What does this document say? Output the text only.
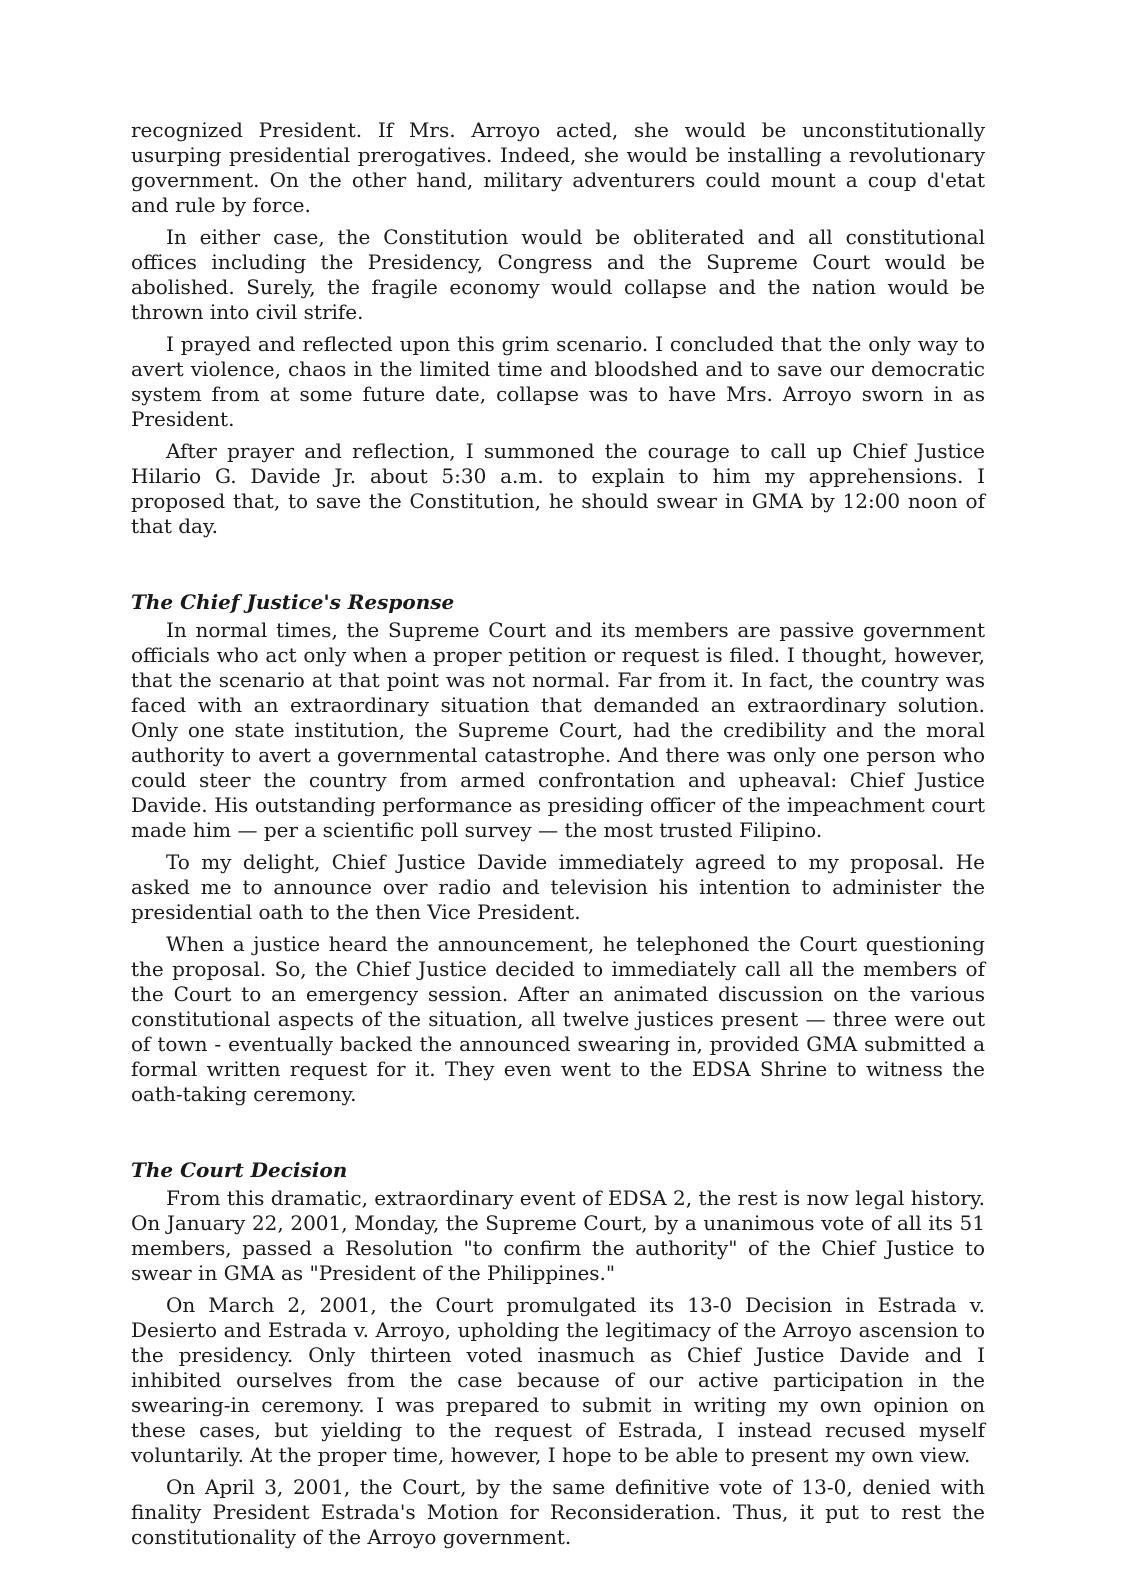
recognized President. If Mrs. Arroyo acted, she would be unconstitutionally usurping presidential prerogatives. Indeed, she would be installing a revolutionary government. On the other hand, military adventurers could mount a coup d'etat and rule by force.

In either case, the Constitution would be obliterated and all constitutional offices including the Presidency, Congress and the Supreme Court would be abolished. Surely, the fragile economy would collapse and the nation would be thrown into civil strife.

I prayed and reflected upon this grim scenario. I concluded that the only way to avert violence, chaos in the limited time and bloodshed and to save our democratic system from at some future date, collapse was to have Mrs. Arroyo sworn in as President.

After prayer and reflection, I summoned the courage to call up Chief Justice Hilario G. Davide Jr. about 5:30 a.m. to explain to him my apprehensions. I proposed that, to save the Constitution, he should swear in GMA by 12:00 noon of that day.

The Chief Justice's Response

In normal times, the Supreme Court and its members are passive government officials who act only when a proper petition or request is filed. I thought, however, that the scenario at that point was not normal. Far from it. In fact, the country was faced with an extraordinary situation that demanded an extraordinary solution. Only one state institution, the Supreme Court, had the credibility and the moral authority to avert a governmental catastrophe. And there was only one person who could steer the country from armed confrontation and upheaval: Chief Justice Davide. His outstanding performance as presiding officer of the impeachment court made him — per a scientific poll survey — the most trusted Filipino.

To my delight, Chief Justice Davide immediately agreed to my proposal. He asked me to announce over radio and television his intention to administer the presidential oath to the then Vice President.

When a justice heard the announcement, he telephoned the Court questioning the proposal. So, the Chief Justice decided to immediately call all the members of the Court to an emergency session. After an animated discussion on the various constitutional aspects of the situation, all twelve justices present — three were out of town - eventually backed the announced swearing in, provided GMA submitted a formal written request for it. They even went to the EDSA Shrine to witness the oath-taking ceremony.

The Court Decision

From this dramatic, extraordinary event of EDSA 2, the rest is now legal history. On January 22, 2001, Monday, the Supreme Court, by a unanimous vote of all its 51 members, passed a Resolution "to confirm the authority" of the Chief Justice to swear in GMA as "President of the Philippines."

On March 2, 2001, the Court promulgated its 13-0 Decision in Estrada v. Desierto and Estrada v. Arroyo, upholding the legitimacy of the Arroyo ascension to the presidency. Only thirteen voted inasmuch as Chief Justice Davide and I inhibited ourselves from the case because of our active participation in the swearing-in ceremony. I was prepared to submit in writing my own opinion on these cases, but yielding to the request of Estrada, I instead recused myself voluntarily. At the proper time, however, I hope to be able to present my own view.

On April 3, 2001, the Court, by the same definitive vote of 13-0, denied with finality President Estrada's Motion for Reconsideration. Thus, it put to rest the constitutionality of the Arroyo government.
